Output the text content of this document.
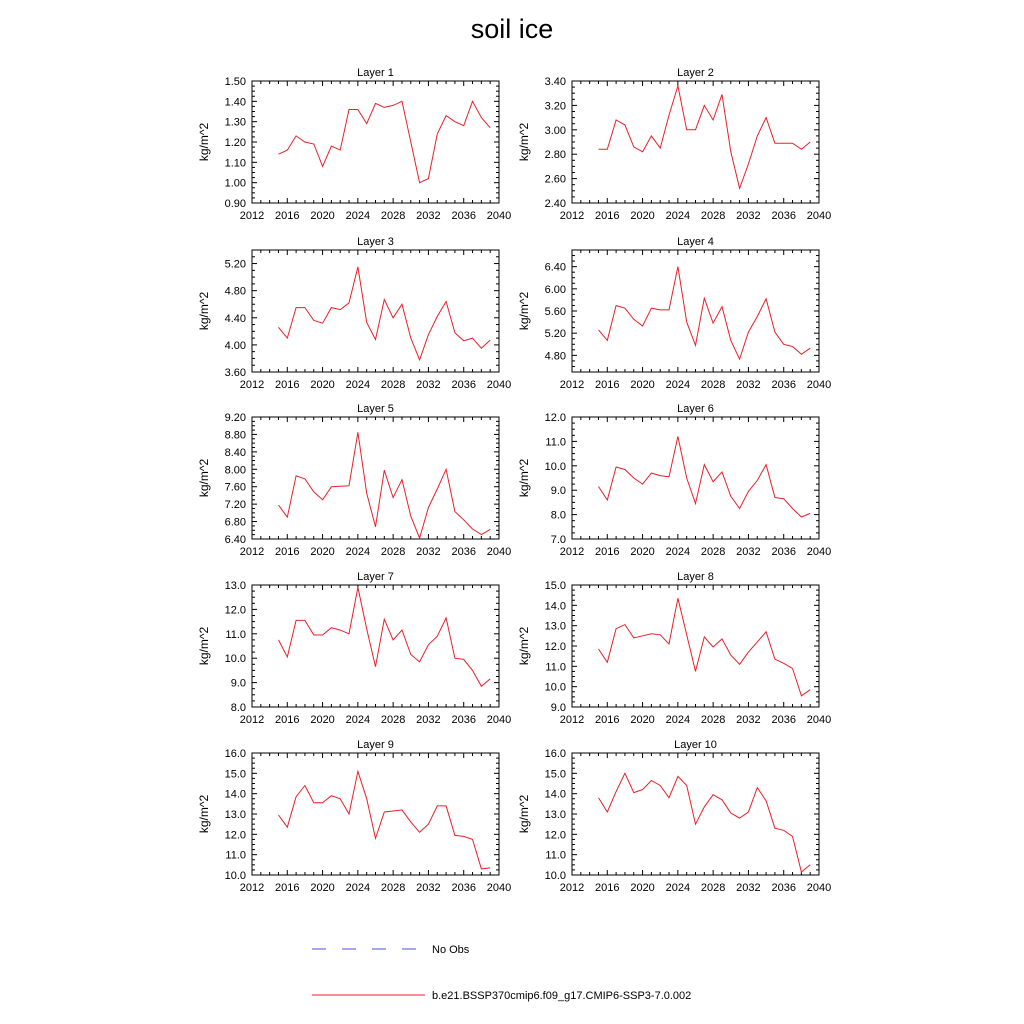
soil ice
Layer 1
kg/m^2
2012 2016 2020 2024 2028 2032 2036 2040
0.90
1.00
1.10
1.20
1.30
1.40
1.50
Layer 2
kg/m^2
2012 2016 2020 2024 2028 2032 2036 2040
2.40
2.60
2.80
3.00
3.20
3.40
Layer 3
kg/m^2
2012 2016 2020 2024 2028 2032 2036 2040
3.60
4.00
4.40
4.80
5.20
Layer 4
kg/m^2
2012 2016 2020 2024 2028 2032 2036 2040
4.80
5.20
5.60
6.00
6.40
Layer 5
kg/m^2
2012 2016 2020 2024 2028 2032 2036 2040
6.40
6.80
7.20
7.60
8.00
8.40
8.80
9.20
Layer 6
kg/m^2
2012 2016 2020 2024 2028 2032 2036 2040
7.0
8.0
9.0
10.0
11.0
12.0
Layer 7
kg/m^2
2012 2016 2020 2024 2028 2032 2036 2040
8.0
9.0
10.0
11.0
12.0
13.0
Layer 8
kg/m^2
2012 2016 2020 2024 2028 2032 2036 2040
9.0
10.0
11.0
12.0
13.0
14.0
15.0
Layer 9
kg/m^2
2012 2016 2020 2024 2028 2032 2036 2040
10.0
11.0
12.0
13.0
14.0
15.0
16.0
Layer 10
kg/m^2
2012 2016 2020 2024 2028 2032 2036 2040
10.0
11.0
12.0
13.0
14.0
15.0
16.0
No Obs
b.e21.BSSP370cmip6.f09_g17.CMIP6-SSP3-7.0.002
